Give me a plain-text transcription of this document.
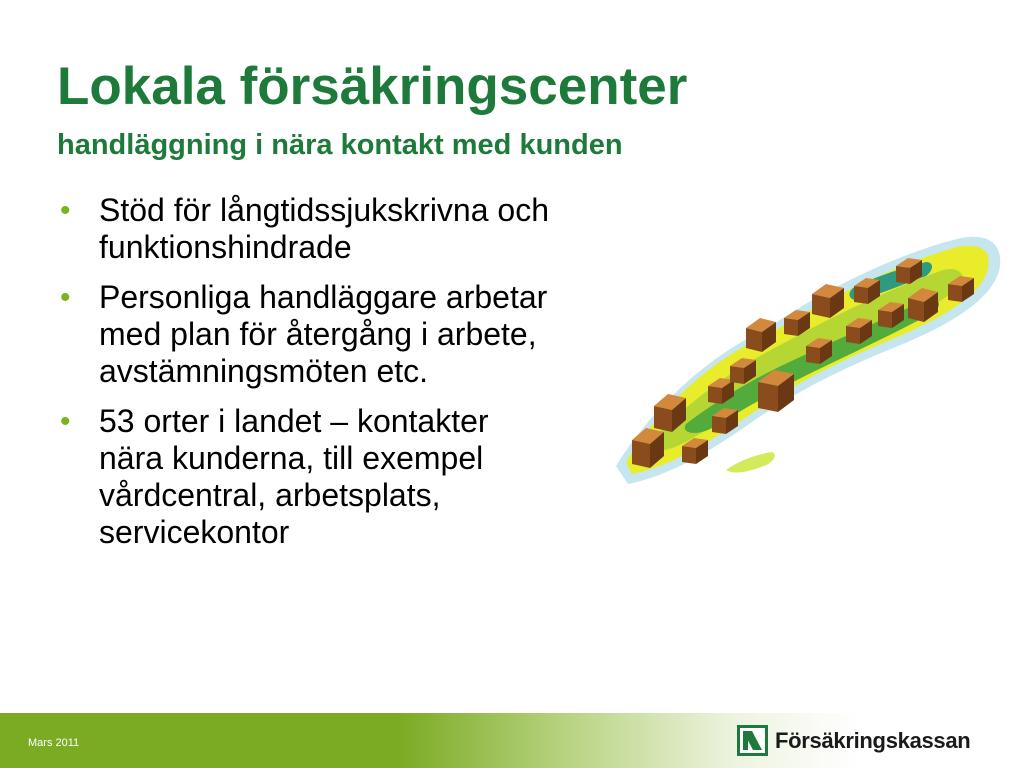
Lokala försäkringscenter
handläggning i nära kontakt med kunden
• Stöd för långtidssjukskrivna och
funktionshindrade
• Personliga handläggare arbetar
med plan för återgång i arbete,
avstämningsmöten etc.
• 53 orter i landet – kontakter
nära kunderna, till exempel
vårdcentral, arbetsplats,
servicekontor
Mars 2011	Försäkringskassan
